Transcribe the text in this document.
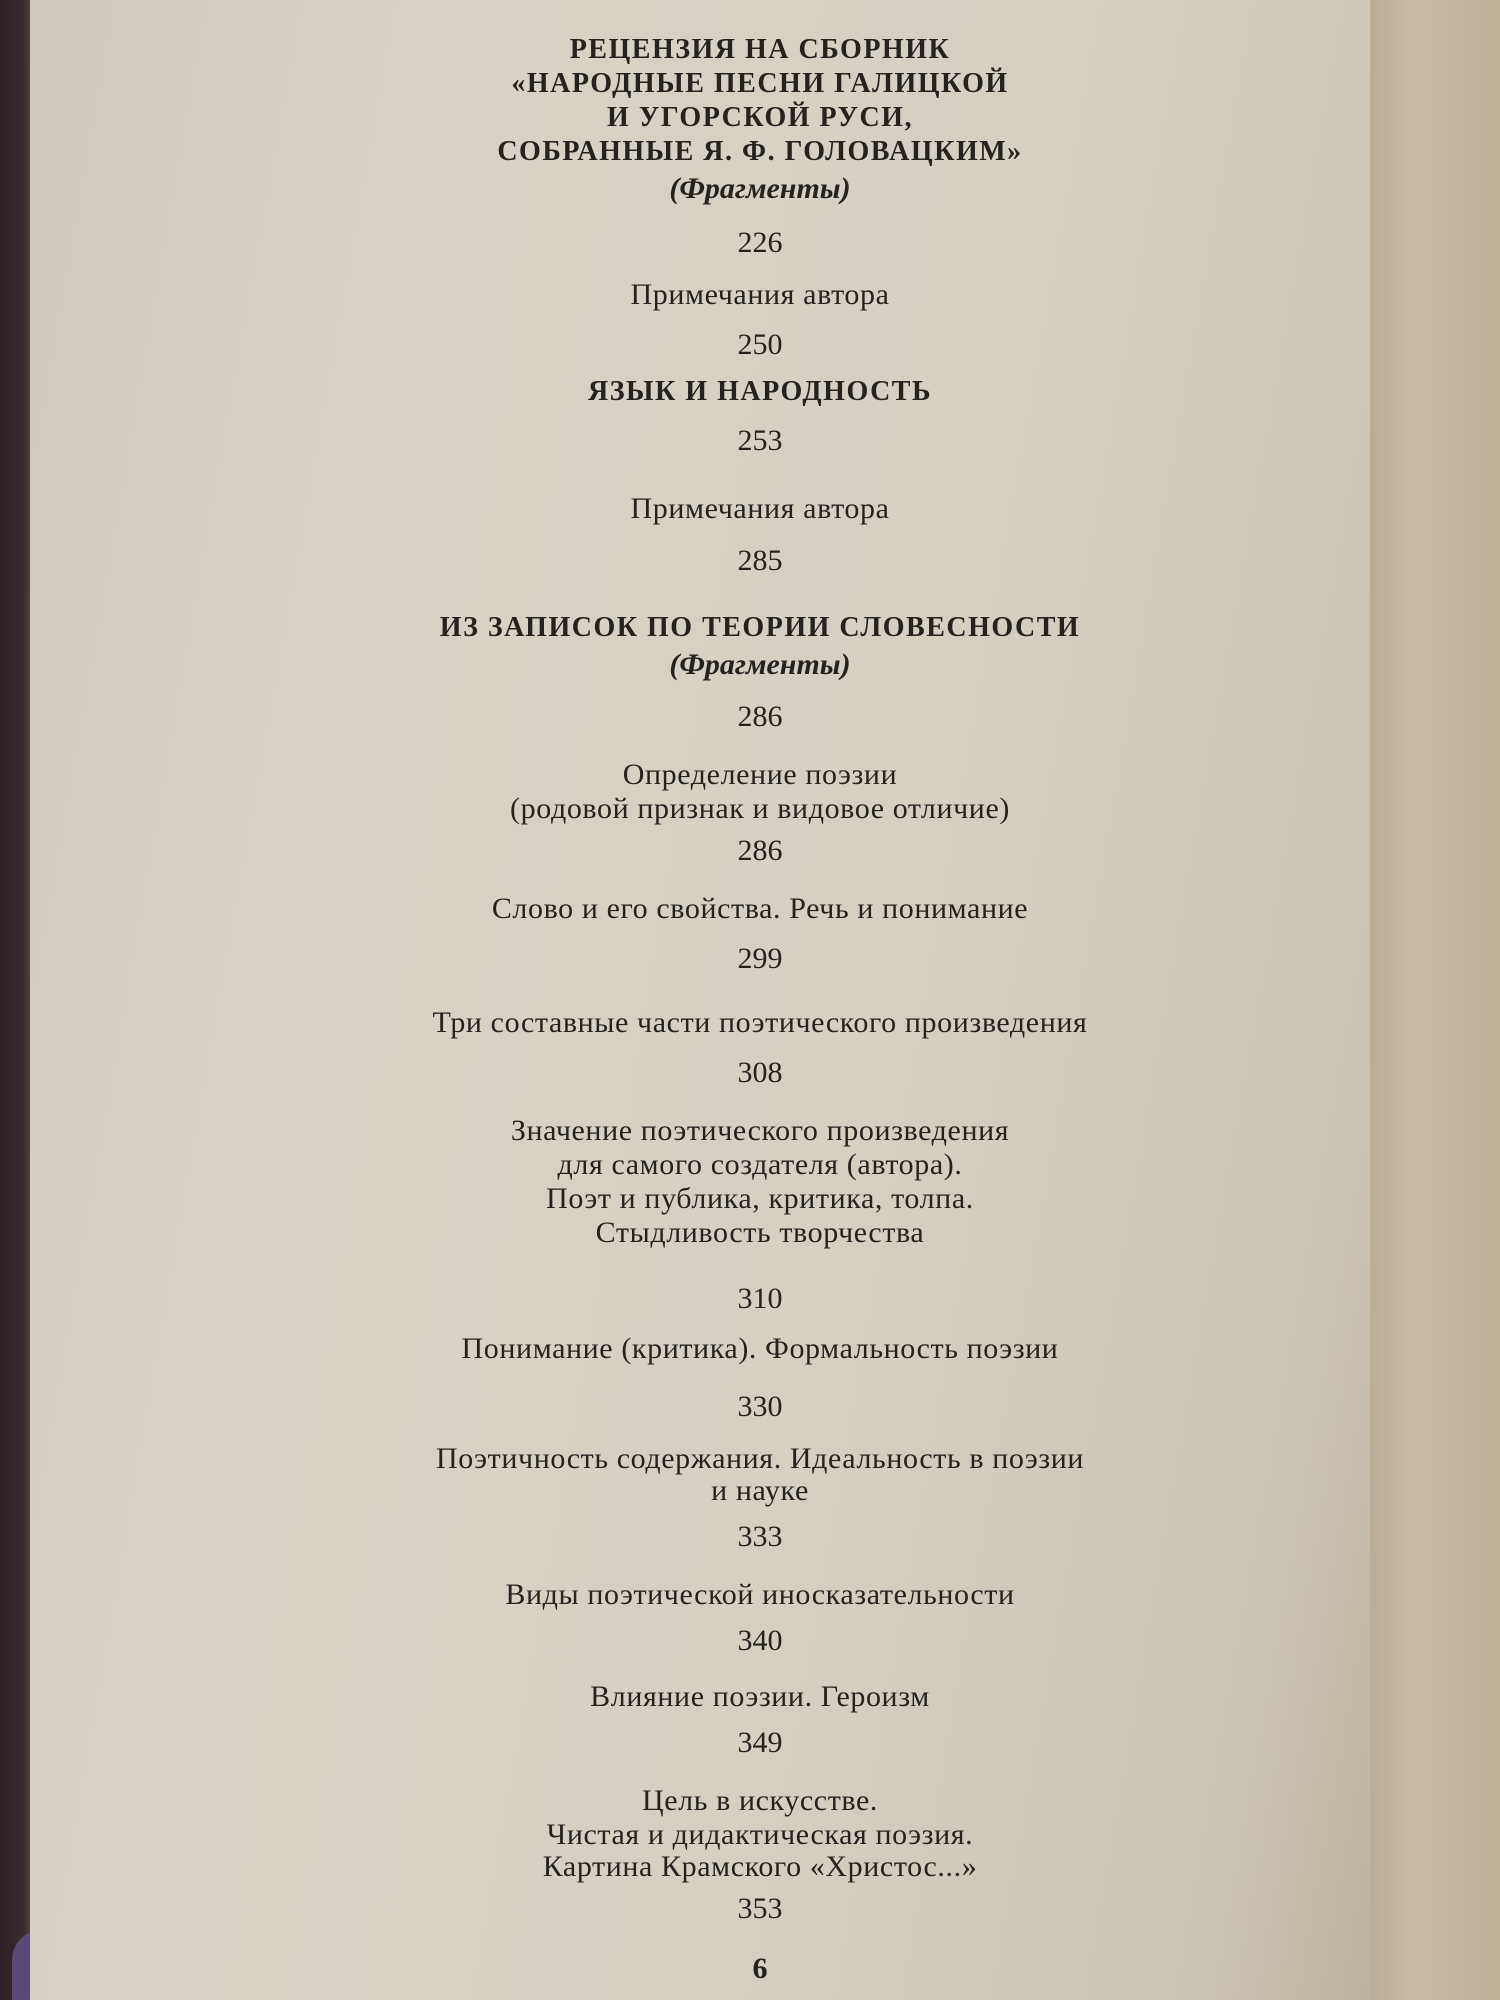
РЕЦЕНЗИЯ НА СБОРНИК
«НАРОДНЫЕ ПЕСНИ ГАЛИЦКОЙ
И УГОРСКОЙ РУСИ,
СОБРАННЫЕ Я. Ф. ГОЛОВАЦКИМ»
(Фрагменты)
226
Примечания автора
250
ЯЗЫК И НАРОДНОСТЬ
253
Примечания автора
285
ИЗ ЗАПИСОК ПО ТЕОРИИ СЛОВЕСНОСТИ
(Фрагменты)
286
Определение поэзии
(родовой признак и видовое отличие)
286
Слово и его свойства. Речь и понимание
299
Три составные части поэтического произведения
308
Значение поэтического произведения
для самого создателя (автора).
Поэт и публика, критика, толпа.
Стыдливость творчества
310
Понимание (критика). Формальность поэзии
330
Поэтичность содержания. Идеальность в поэзии
и науке
333
Виды поэтической иносказательности
340
Влияние поэзии. Героизм
349
Цель в искусстве.
Чистая и дидактическая поэзия.
Картина Крамского «Христос...»
353
6
